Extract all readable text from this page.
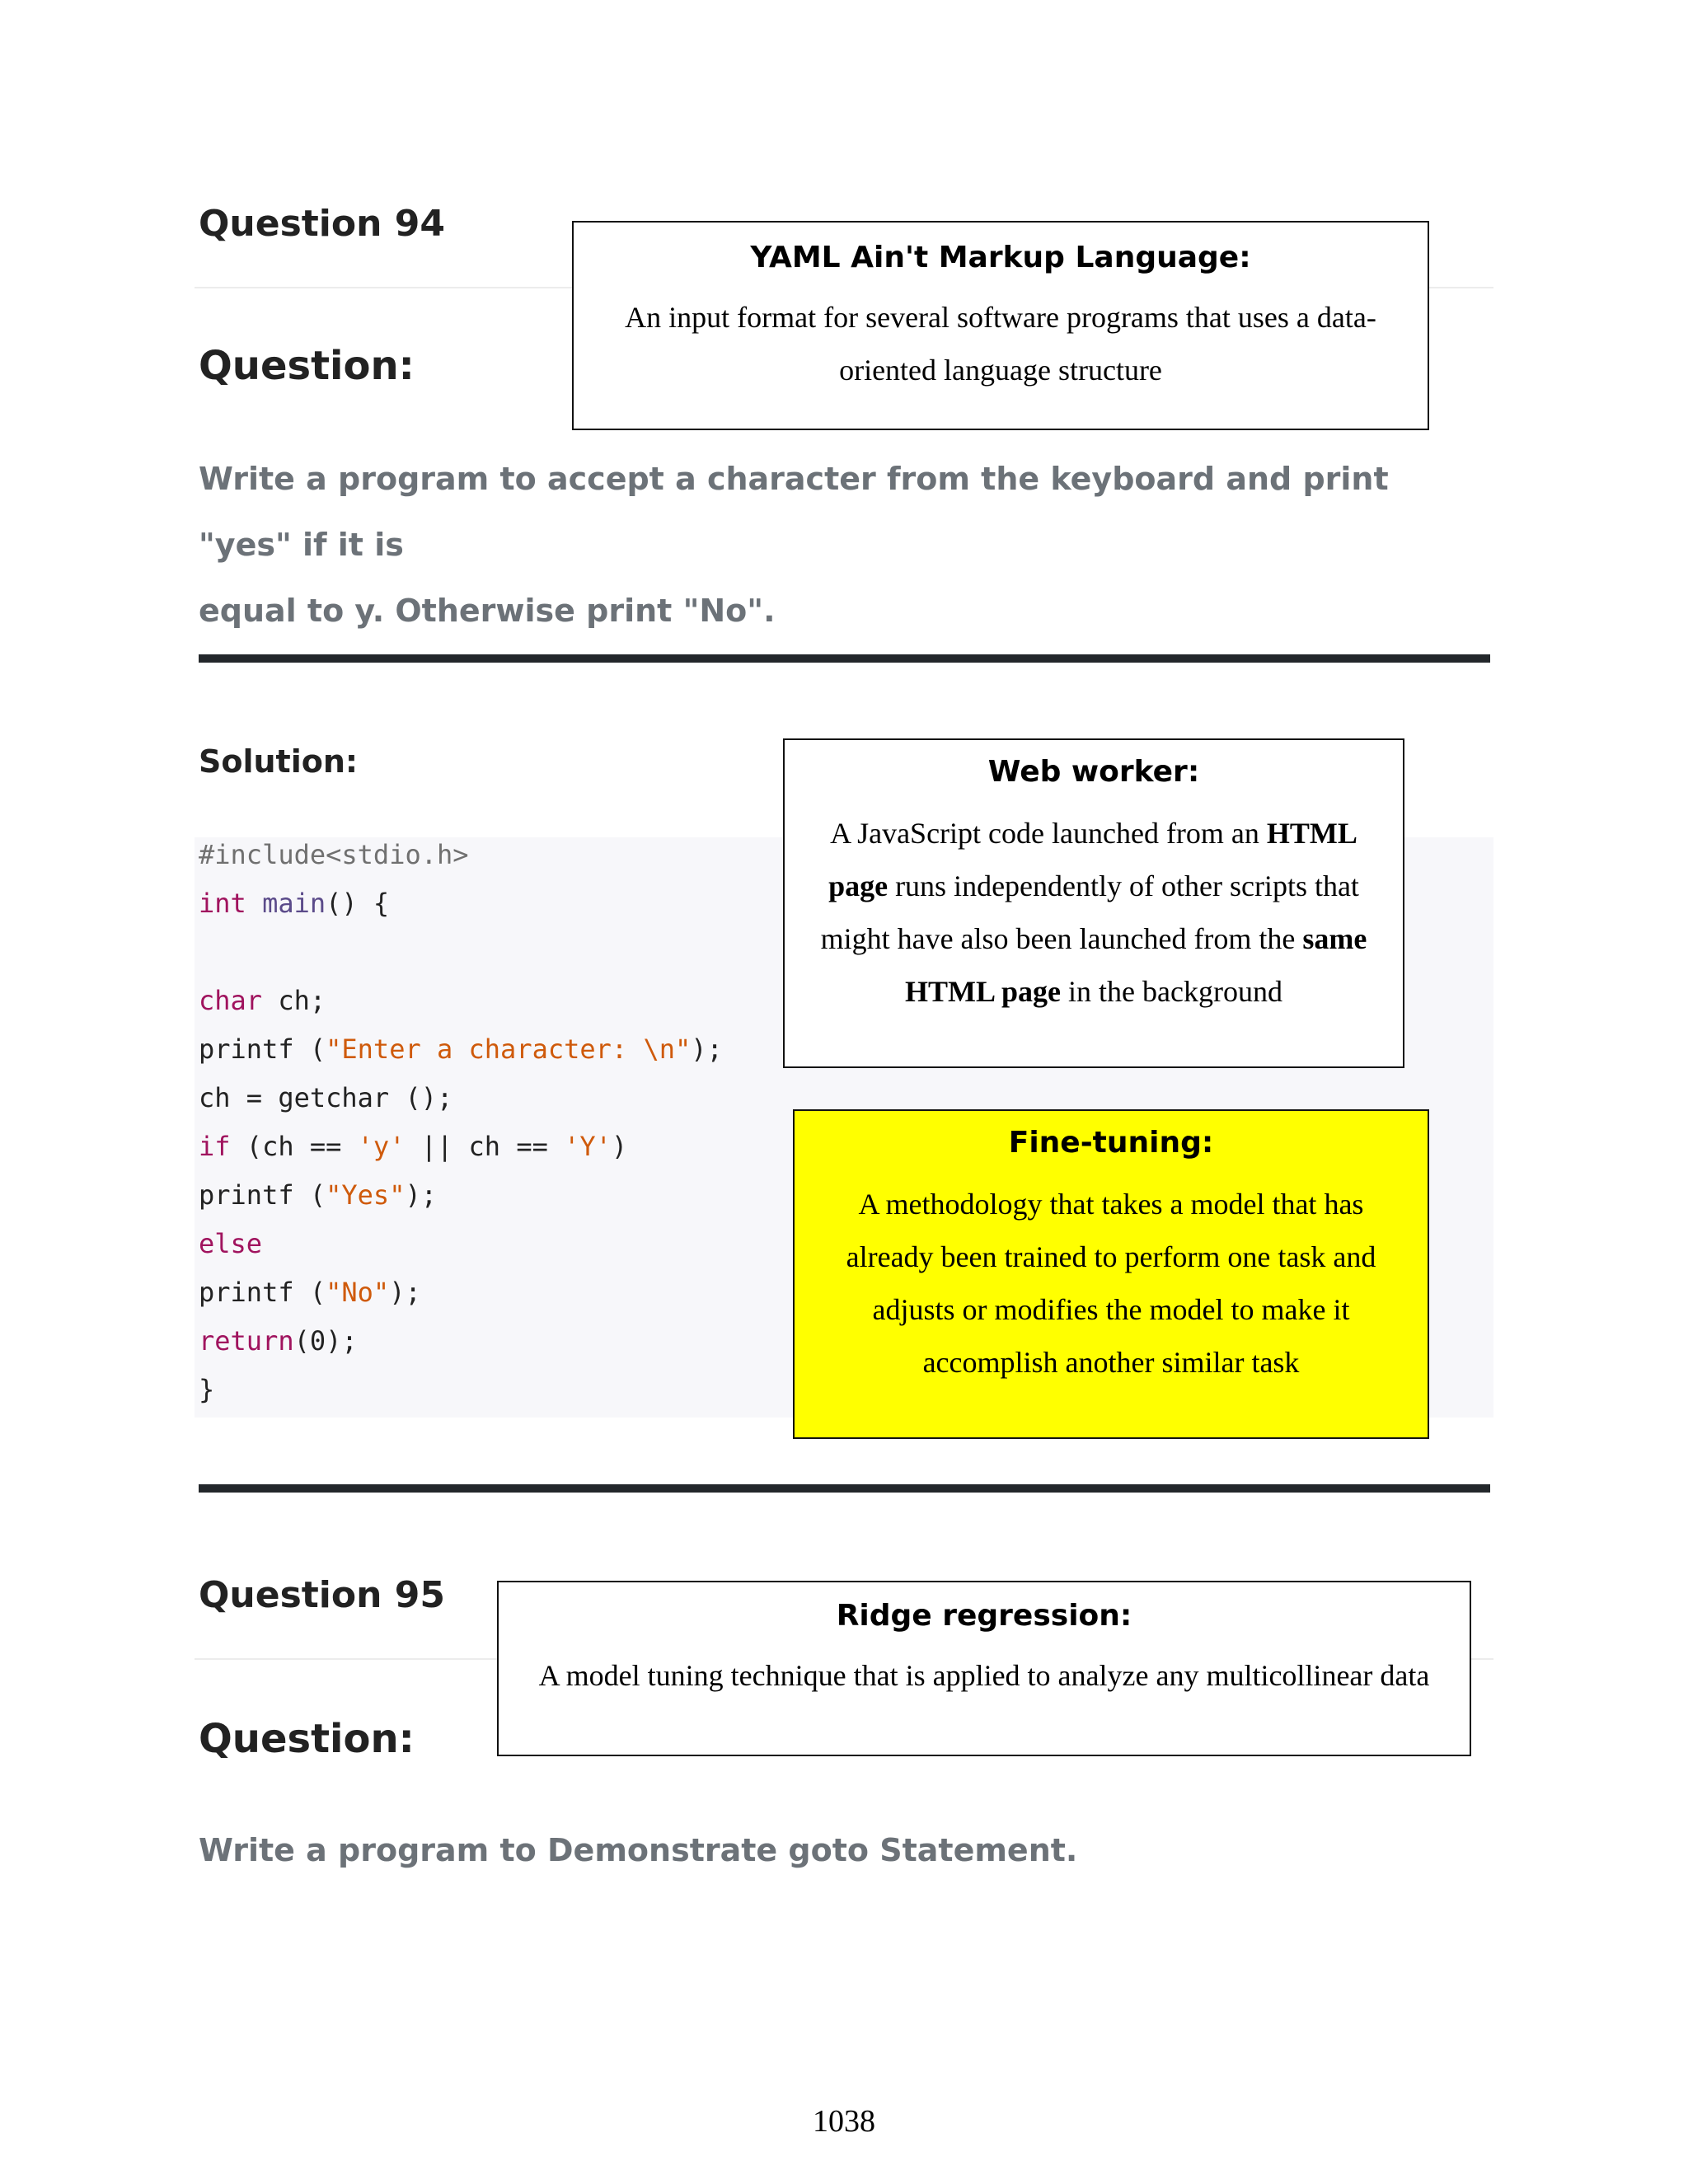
Question 94
Question:
Write a program to accept a character from the keyboard and print "yes" if it is
equal to y. Otherwise print "No".
Solution:
#include<stdio.h>
int main() {
char ch;
printf ("Enter a character: \n");
ch = getchar ();
if (ch == 'y' || ch == 'Y')
printf ("Yes");
else
printf ("No");
return(0);
}
Question 95
Question:
Write a program to Demonstrate goto Statement.
YAML Ain't Markup Language:
An input format for several software programs that uses a data-
oriented language structure
Web worker:
A JavaScript code launched from an HTML
page runs independently of other scripts that
might have also been launched from the same
HTML page in the background
Fine-tuning:
A methodology that takes a model that has
already been trained to perform one task and
adjusts or modifies the model to make it
accomplish another similar task
Ridge regression:
A model tuning technique that is applied to analyze any multicollinear data
1038
